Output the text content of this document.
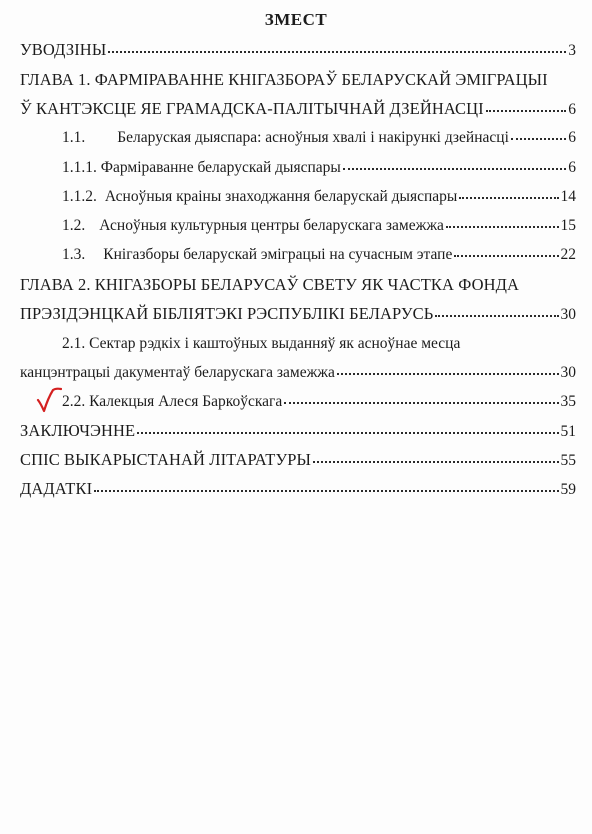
ЗМЕСТ
УВОДЗІНЫ	3
ГЛАВА 1. ФАРМІРАВАННЕ КНІГАЗБОРАЎ БЕЛАРУСКАЙ ЭМІГРАЦЫІ
Ў КАНТЭКСЦЕ ЯЕ ГРАМАДСКА-ПАЛІТЫЧНАЙ ДЗЕЙНАСЦІ	6
1.1. Беларуская дыяспара: асноўныя хвалі і накірункі дзейнасці	6
1.1.1. Фарміраванне беларускай дыяспары	6
1.1.2. Асноўныя краіны знаходжання беларускай дыяспары	14
1.2. Асноўныя культурныя центры беларускага замежжа	15
1.3. Кнігазборы беларускай эміграцыі на сучасным этапе	22
ГЛАВА 2. КНІГАЗБОРЫ БЕЛАРУСАЎ СВЕТУ ЯК ЧАСТКА ФОНДА
ПРЭЗІДЭНЦКАЙ БІБЛІЯТЭКІ РЭСПУБЛІКІ БЕЛАРУСЬ	30
2.1. Сектар рэдкіх і каштоўных выданняў як асноўнае месца
канцэнтрацыі дакументаў беларускага замежжа	30
2.2. Калекцыя Алеся Баркоўскага	35
ЗАКЛЮЧЭННЕ	51
СПІС ВЫКАРЫСТАНАЙ ЛІТАРАТУРЫ	55
ДАДАТКІ	59
